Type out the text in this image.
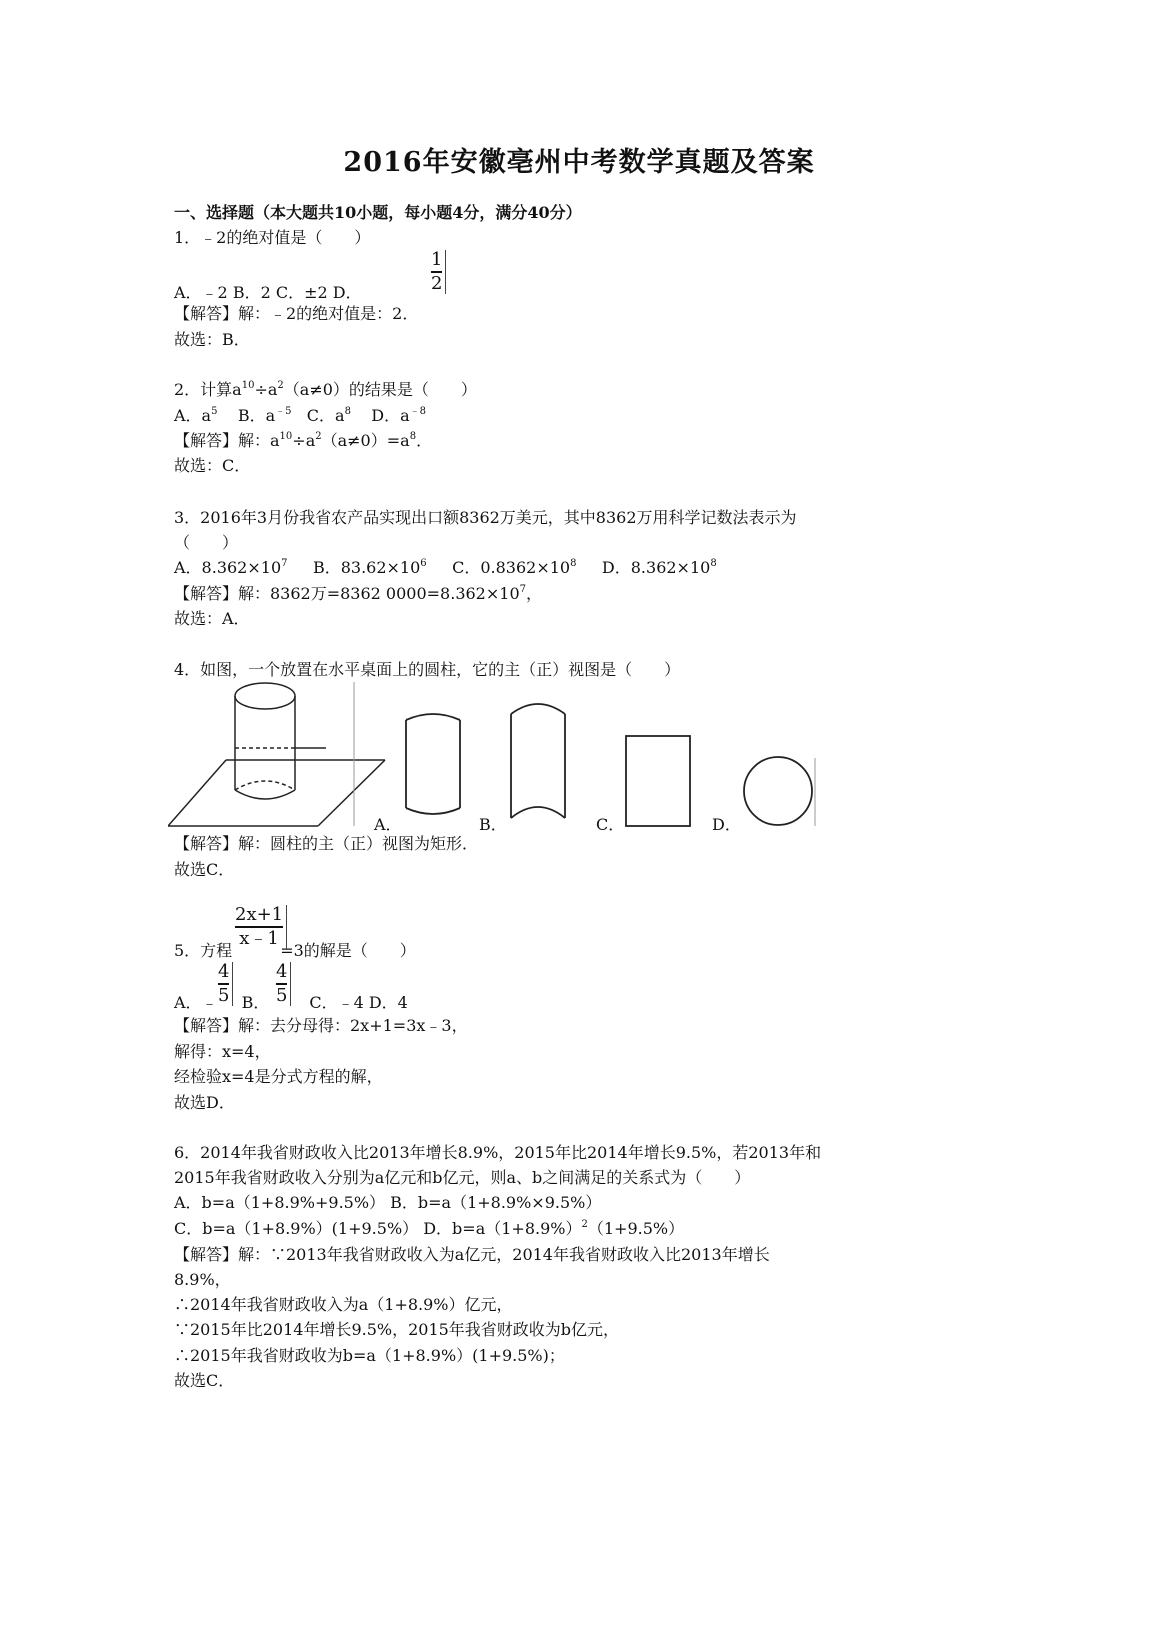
2016年安徽亳州中考数学真题及答案
一、选择题（本大题共10小题，每小题4分，满分40分）
1．﹣2的绝对值是（　　）
A．﹣2 B．2 C．±2 D．
1
2
【解答】解：﹣2的绝对值是：2．
故选：B．
2．计算$a^{10}\div a^2(a\ne 0)$的结果是（　　）
A．$a^5$ B．$a^{﹣5}$ C．$a^8$ D．$a^{﹣8}$
【解答】解：$a^{10}\div a^2(a\ne 0)=a^8$．
故选：C．
3．2016年3月份我省农产品实现出口额8362万美元，其中8362万用科学记数法表示为
（　　）
A．$8.362\times 10^7$ B．$83.62\times 10^6$ C．$0.8362\times 10^8$ D．$8.362\times 10^8$
【解答】解：8362万=8362 $0000=8.362\times 10^7$，
故选：A．
4．如图，一个放置在水平桌面上的圆柱，它的主（正）视图是（　　）
A．	B．	C．	D．
【解答】解：圆柱的主（正）视图为矩形．
故选C．
5．方程	=3的解是（　　）
2x+1
x﹣1
A．﹣ B．	C．﹣4 D．4
4
5
4
5
【解答】解：去分母得：2x+1=3x﹣3，
解得：x=4，
经检验x=4是分式方程的解，
故选D．
6．2014年我省财政收入比2013年增长8.9%，2015年比2014年增长9.5%，若2013年和
2015年我省财政收入分别为a亿元和b亿元，则a、b之间满足的关系式为（　　）
A．b=a（1+8.9%+9.5%） B．b=a（1+8.9%×9.5%）
C．b=a（1+8.9%）(1+9.5%） D．$b=a(1+8.9\%)^2(1+9.5\%)$
【解答】解：∵2013年我省财政收入为a亿元，2014年我省财政收入比2013年增长
8.9%，
∴2014年我省财政收入为a（1+8.9%）亿元，
∵2015年比2014年增长9.5%，2015年我省财政收为b亿元，
∴2015年我省财政收为b=a（1+8.9%）(1+9.5%)；
故选C．
